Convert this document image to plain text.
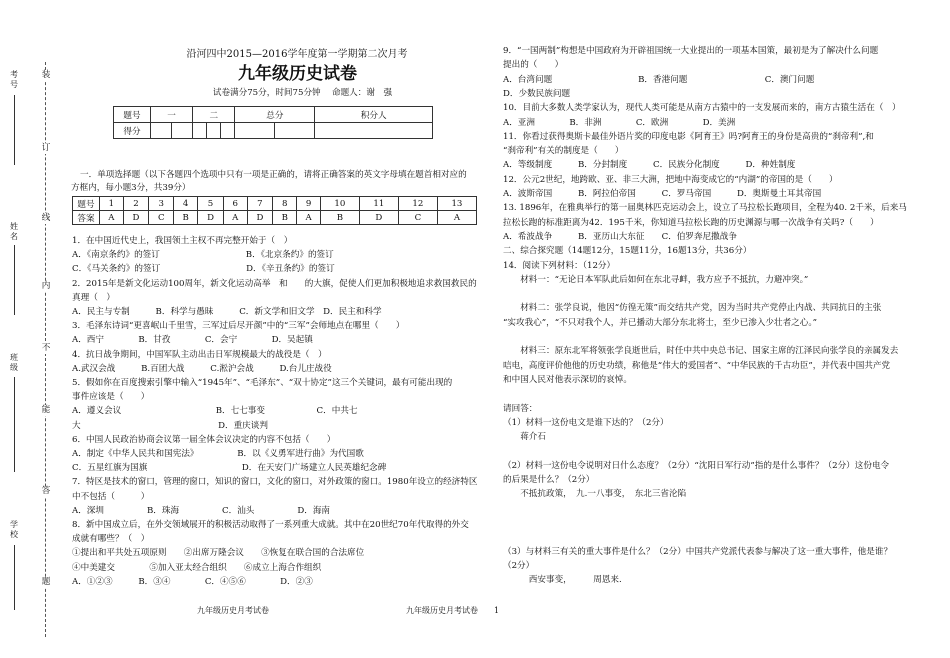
考号
姓名
班级
学校
装
订
线
内
不
能
答
题
沿河四中2015—2016学年度第一学期第二次月考
九年级历史试卷
试卷满分75分，时间75分钟　 命题人：谢　强
题号	一		二			总分		积分人
得分								
一．单项选择题（以下各题四个选项中只有一项是正确的，请将正确答案的英文字母填在题首相对应的
方框内，每小题3分，共39分）
题号	1	2	3	4	5	6	7	8	9	10	11	12	13
答案	A	D	C	B	D	A	D	B	A	B	D	C	A
1．在中国近代史上，我国领土主权不再完整开始于（　）
A．《南京条约》的签订　　　　　　　　　　B．《北京条约》的签订
C．《马关条约》的签订　　　　　　　　　　D．《辛丑条约》的签订
2．2015年是新文化运动100周年，新文化运动高举　和　　的大旗，促使人们更加积极地追求救国救民的
真理（　）
A．民主与专制　　　B．科学与愚昧　　　C．新文学和旧文学　D．民主和科学
3．毛泽东诗词“更喜岷山千里雪，三军过后尽开颜”中的“三军”会师地点在哪里（　　）
A．西宁　　　　B．甘孜　　　　C．会宁　　　　D．吴起镇
4．抗日战争期间，中国军队主动出击日军规模最大的战役是（　）
A.武汉会战　　　B.百团大战　　　C.淞沪会战　　　D.台儿庄战役
5．假如你在百度搜索引擎中输入“1945年”、“毛泽东”、“双十协定”这三个关键词，最有可能出现的
事件应该是（　　）
A．遵义会议　　　　　　　　　　　B．七七事变　　　　　　C．中共七
大　　　　　　　　　　　　　　　　D．重庆谈判
6．中国人民政治协商会议第一届全体会议决定的内容不包括（　　）
A．制定《中华人民共和国宪法》　　　　　B．以《义勇军进行曲》为代国歌
C．五星红旗为国旗　　　　　　　　　　　D．在天安门广场建立人民英雄纪念碑
7．特区是技术的窗口，管理的窗口，知识的窗口，文化的窗口，对外政策的窗口。1980年设立的经济特区
中不包括（　　　）
A．深圳　　　　　B．珠海　　　　　C．汕头　　　　　D．海南
8．新中国成立后，在外交领域展开的积极活动取得了一系列重大成就。其中在20世纪70年代取得的外交
成就有哪些？（　）
①提出和平共处五项原则　　②出席万隆会议　　③恢复在联合国的合法席位
④中美建交　　　　⑤加入亚太经合组织　　⑥成立上海合作组织
A．①②③　　　B．③④　　　　C．④⑤⑥　　　　D．②③
9．“一国两制”构想是中国政府为开辟祖国统一大业提出的一项基本国策，最初是为了解决什么问题
提出的（　　）
A．台湾问题　　　　　　　　　　B．香港问题　　　　　　　　　C．澳门问题
D．少数民族问题
10．目前大多数人类学家认为，现代人类可能是从南方古猿中的一支发展而来的，南方古猿生活在（　）
A．亚洲　　　　B．非洲　　　　C．欧洲　　　　D．美洲
11．你看过获得奥斯卡最佳外语片奖的印度电影《阿育王》吗?阿育王的身份是高贵的“刹帝利”,和
“刹帝利”有关的制度是（　　）
A．等级制度　　　B．分封制度　　　C．民族分化制度　　　D．种姓制度
12．公元2世纪，地跨欧、亚、非三大洲，把地中海变成它的“内湖”的帝国的是（　　）
A．波斯帝国　　　B．阿拉伯帝国　　　C．罗马帝国　　　D．奥斯曼土耳其帝国
13. 1896年，在雅典举行的第一届奥林匹克运动会上，设立了马拉松长跑项目，全程为40. 2千米，后来马
拉松长跑的标准距离为42．195千米，你知道马拉松长跑的历史渊源与哪一次战争有关吗?（　　）
A．希波战争　　　B．亚历山大东征　　C．伯罗奔尼撒战争
二、综合探究题（14题12分，15题11分，16题13分，共36分）
14．阅读下列材料：（12分）
　　材料一：“无论日本军队此后如何在东北寻衅，我方应予不抵抗，力避冲突。”
　　材料二：张学良说，他因“仿徨无策”而交结共产党，因为当时共产党停止内战、共同抗日的主张
“实攻我心”，“不只对我个人，并已播动大部分东北将士，至少已渗入少壮者之心。”
　　材料三：原东北军将领张学良逝世后，时任中共中央总书记、国家主席的江泽民向张学良的亲属发去
唁电，高度评价他他的历史功绩，称他是“伟大的爱国者”、“中华民族的千古功臣”，并代表中国共产党
和中国人民对他表示深切的哀悼。
请回答：
（1）材料一这份电文是谁下达的？（2分）
　　蒋介石
（2）材料一这份电令说明对日什么态度？（2分）“沈阳日军行动”指的是什么事件？（2分）这份电令
的后果是什么？（2分）
　　不抵抗政策，　九.一八事变，　东北三省沦陷
（3）与材料三有关的重大事件是什么？（2分）中国共产党派代表参与解决了这一重大事件，他是谁？
（2分）
　　　西安事变，　　　周恩来.
九年级历史月考试卷	九年级历史月考试卷　　1
